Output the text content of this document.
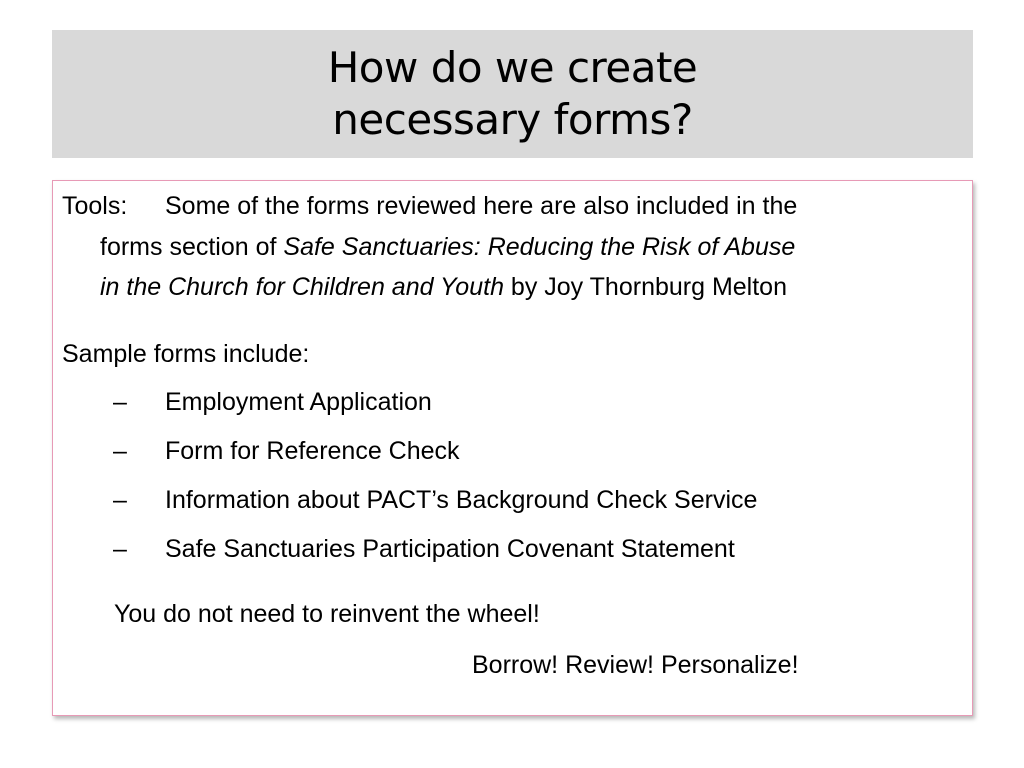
How do we create
necessary forms?
Tools: Some of the forms reviewed here are also included in the
forms section of Safe Sanctuaries: Reducing the Risk of Abuse
in the Church for Children and Youth by Joy Thornburg Melton
Sample forms include:
– Employment Application
– Form for Reference Check
– Information about PACT’s Background Check Service
– Safe Sanctuaries Participation Covenant Statement
You do not need to reinvent the wheel!
Borrow! Review! Personalize!
